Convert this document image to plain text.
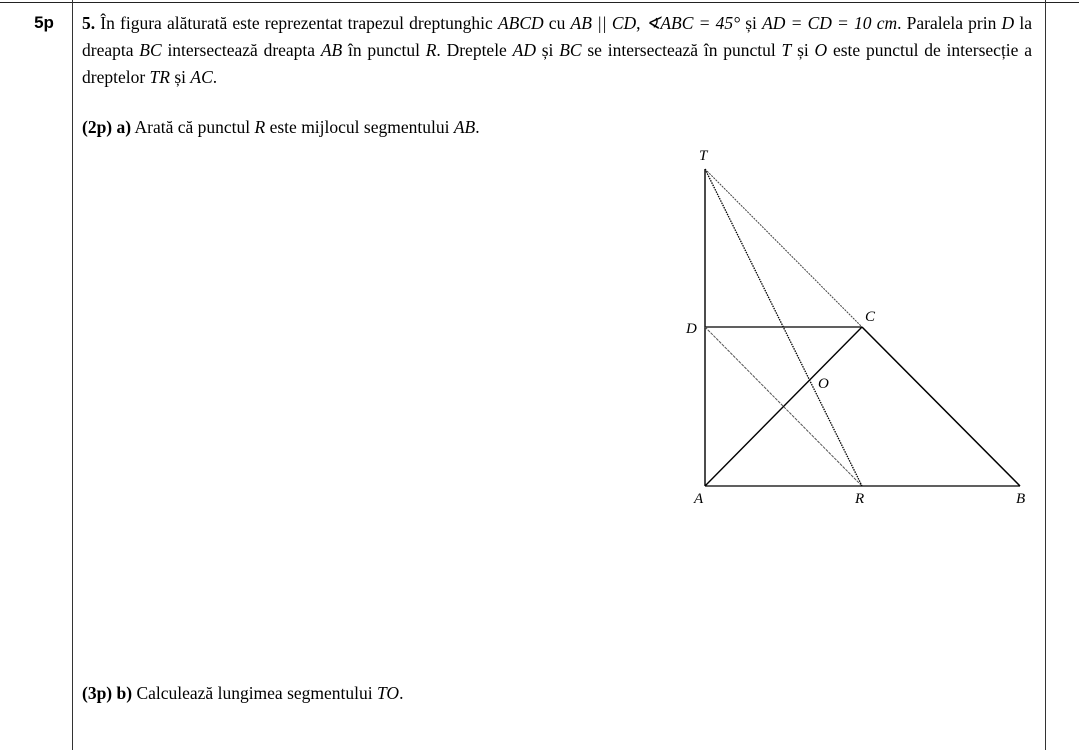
5p	5. În figura alăturată este reprezentat trapezul dreptunghic ABCD cu AB || CD, ∢ABC = 45° și AD = CD = 10 cm. Paralela prin D la dreapta BC intersectează dreapta AB în punctul R. Dreptele AD și BC se intersectează în punctul T și O este punctul de intersecție a dreptelor TR și AC.
(2p) a) Arată că punctul R este mijlocul segmentului AB.
T
D
C
O
A	R	B
(3p) b) Calculează lungimea segmentului TO.
